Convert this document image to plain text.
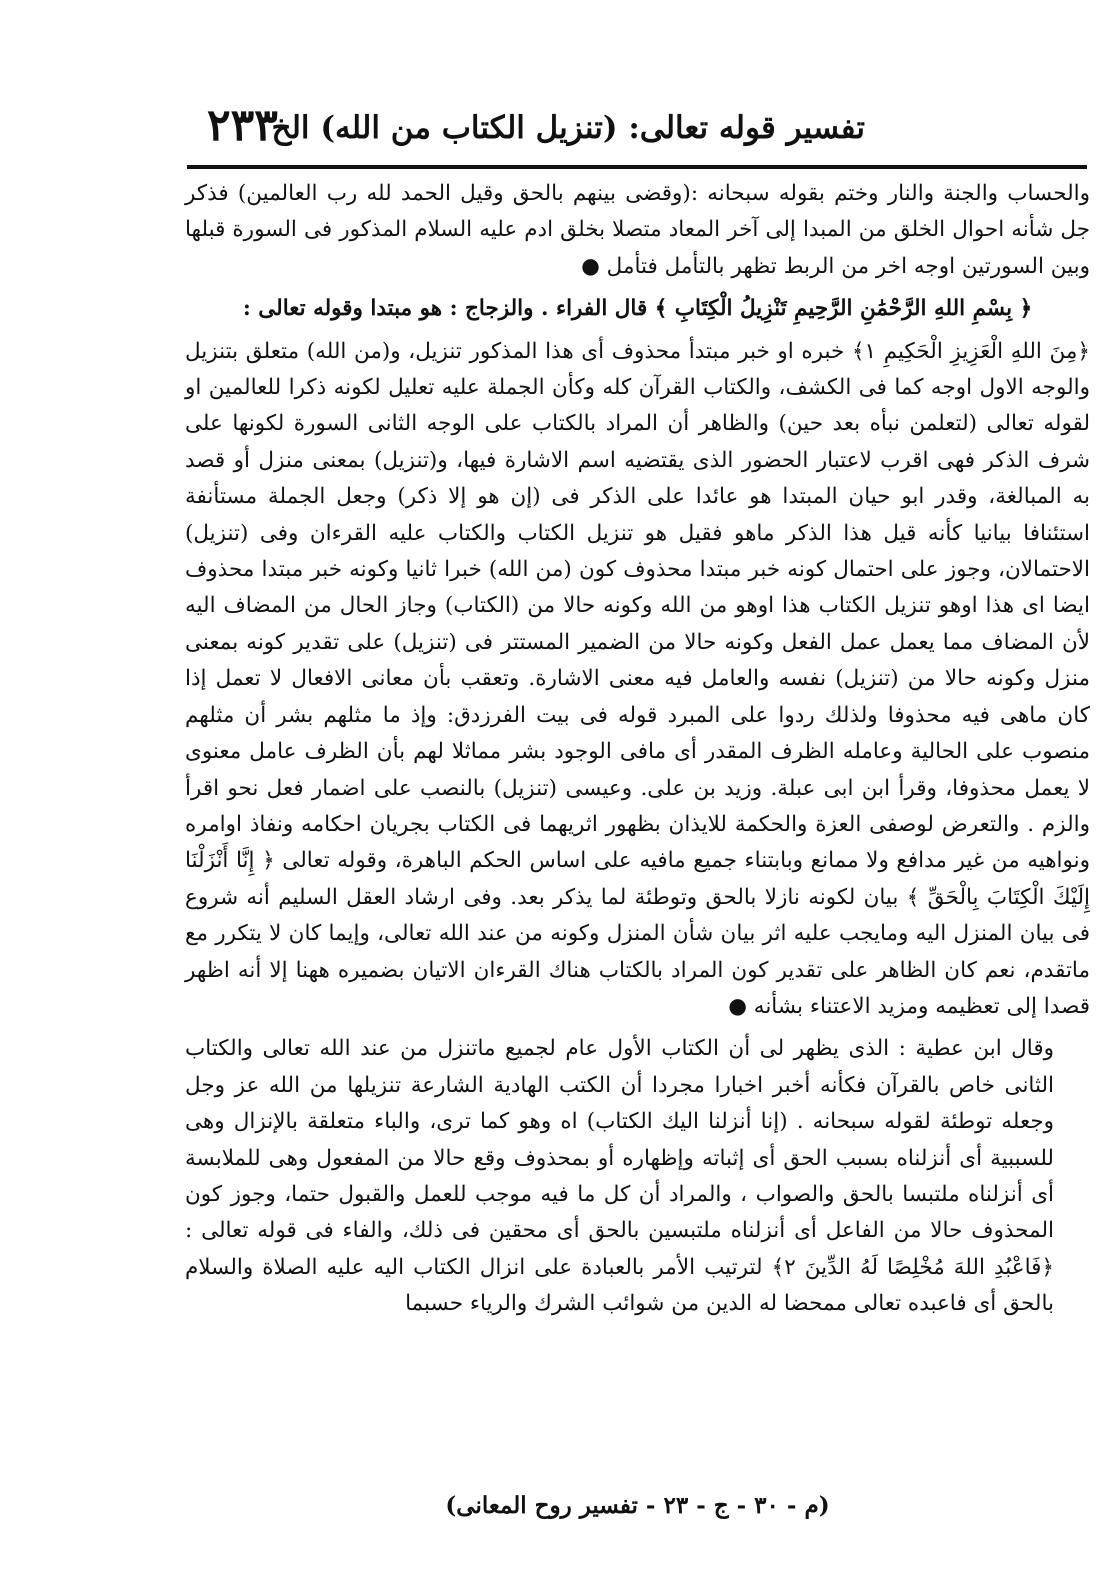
تفسير قوله تعالى: (تنزيل الكتاب من الله) الخ
٢٣٣

والحساب والجنة والنار وختم بقوله سبحانه :(وقضى بينهم بالحق وقيل الحمد لله رب العالمين) فذكر جل شأنه احوال الخلق من المبدا إلى آخر المعاد متصلا بخلق ادم عليه السلام المذكور فى السورة قبلها وبين السورتين اوجه اخر من الربط تظهر بالتأمل فتأمل ●

﴿ بِسْمِ اللهِ الرَّحْمَٰنِ الرَّحِيمِ تَنْزِيلُ الْكِتَابِ ﴾ قال الفراء . والزجاج : هو مبتدا وقوله تعالى :

﴿مِنَ اللهِ الْعَزِيزِ الْحَكِيمِ ١﴾ خبره او خبر مبتدأ محذوف أى هذا المذكور تنزيل، و(من الله) متعلق بتنزيل والوجه الاول اوجه كما فى الكشف، والكتاب القرآن كله وكأن الجملة عليه تعليل لكونه ذكرا للعالمين او لقوله تعالى (لتعلمن نبأه بعد حين) والظاهر أن المراد بالكتاب على الوجه الثانى السورة لكونها على شرف الذكر فهى اقرب لاعتبار الحضور الذى يقتضيه اسم الاشارة فيها، و(تنزيل) بمعنى منزل أو قصد به المبالغة، وقدر ابو حيان المبتدا هو عائدا على الذكر فى (إن هو إلا ذكر) وجعل الجملة مستأنفة استئنافا بيانيا كأنه قيل هذا الذكر ماهو فقيل هو تنزيل الكتاب والكتاب عليه القرءان وفى (تنزيل) الاحتمالان، وجوز على احتمال كونه خبر مبتدا محذوف كون (من الله) خبرا ثانيا وكونه خبر مبتدا محذوف ايضا اى هذا اوهو تنزيل الكتاب هذا اوهو من الله وكونه حالا من (الكتاب) وجاز الحال من المضاف اليه لأن المضاف مما يعمل عمل الفعل وكونه حالا من الضمير المستتر فى (تنزيل) على تقدير كونه بمعنى منزل وكونه حالا من (تنزيل) نفسه والعامل فيه معنى الاشارة. وتعقب بأن معانى الافعال لا تعمل إذا كان ماهى فيه محذوفا ولذلك ردوا على المبرد قوله فى بيت الفرزدق: وإذ ما مثلهم بشر أن مثلهم منصوب على الحالية وعامله الظرف المقدر أى مافى الوجود بشر مماثلا لهم بأن الظرف عامل معنوى لا يعمل محذوفا، وقرأ ابن ابى عبلة. وزيد بن على. وعيسى (تنزيل) بالنصب على اضمار فعل نحو اقرأ والزم . والتعرض لوصفى العزة والحكمة للايذان بظهور اثريهما فى الكتاب بجريان احكامه ونفاذ اوامره ونواهيه من غير مدافع ولا ممانع وبابتناء جميع مافيه على اساس الحكم الباهرة، وقوله تعالى ﴿ إِنَّا أَنْزَلْنَا إِلَيْكَ الْكِتَابَ بِالْحَقِّ ﴾ بيان لكونه نازلا بالحق وتوطئة لما يذكر بعد. وفى ارشاد العقل السليم أنه شروع فى بيان المنزل اليه ومايجب عليه اثر بيان شأن المنزل وكونه من عند الله تعالى، وإيما كان لا يتكرر مع ماتقدم، نعم كان الظاهر على تقدير كون المراد بالكتاب هناك القرءان الاتيان بضميره ههنا إلا أنه اظهر قصدا إلى تعظيمه ومزيد الاعتناء بشأنه ●

وقال ابن عطية : الذى يظهر لى أن الكتاب الأول عام لجميع ماتنزل من عند الله تعالى والكتاب الثانى خاص بالقرآن فكأنه أخبر اخبارا مجردا أن الكتب الهادية الشارعة تنزيلها من الله عز وجل وجعله توطئة لقوله سبحانه . (إنا أنزلنا اليك الكتاب) اه وهو كما ترى، والباء متعلقة بالإنزال وهى للسببية أى أنزلناه بسبب الحق أى إثباته وإظهاره أو بمحذوف وقع حالا من المفعول وهى للملابسة أى أنزلناه ملتبسا بالحق والصواب ، والمراد أن كل ما فيه موجب للعمل والقبول حتما، وجوز كون المحذوف حالا من الفاعل أى أنزلناه ملتبسين بالحق أى محقين فى ذلك، والفاء فى قوله تعالى : ﴿فَاعْبُدِ اللهَ مُخْلِصًا لَهُ الدِّينَ ٢﴾ لترتيب الأمر بالعبادة على انزال الكتاب اليه عليه الصلاة والسلام بالحق أى فاعبده تعالى ممحضا له الدين من شوائب الشرك والرياء حسبما

(م - ٣٠ - ج - ٢٣ - تفسير روح المعانى)
